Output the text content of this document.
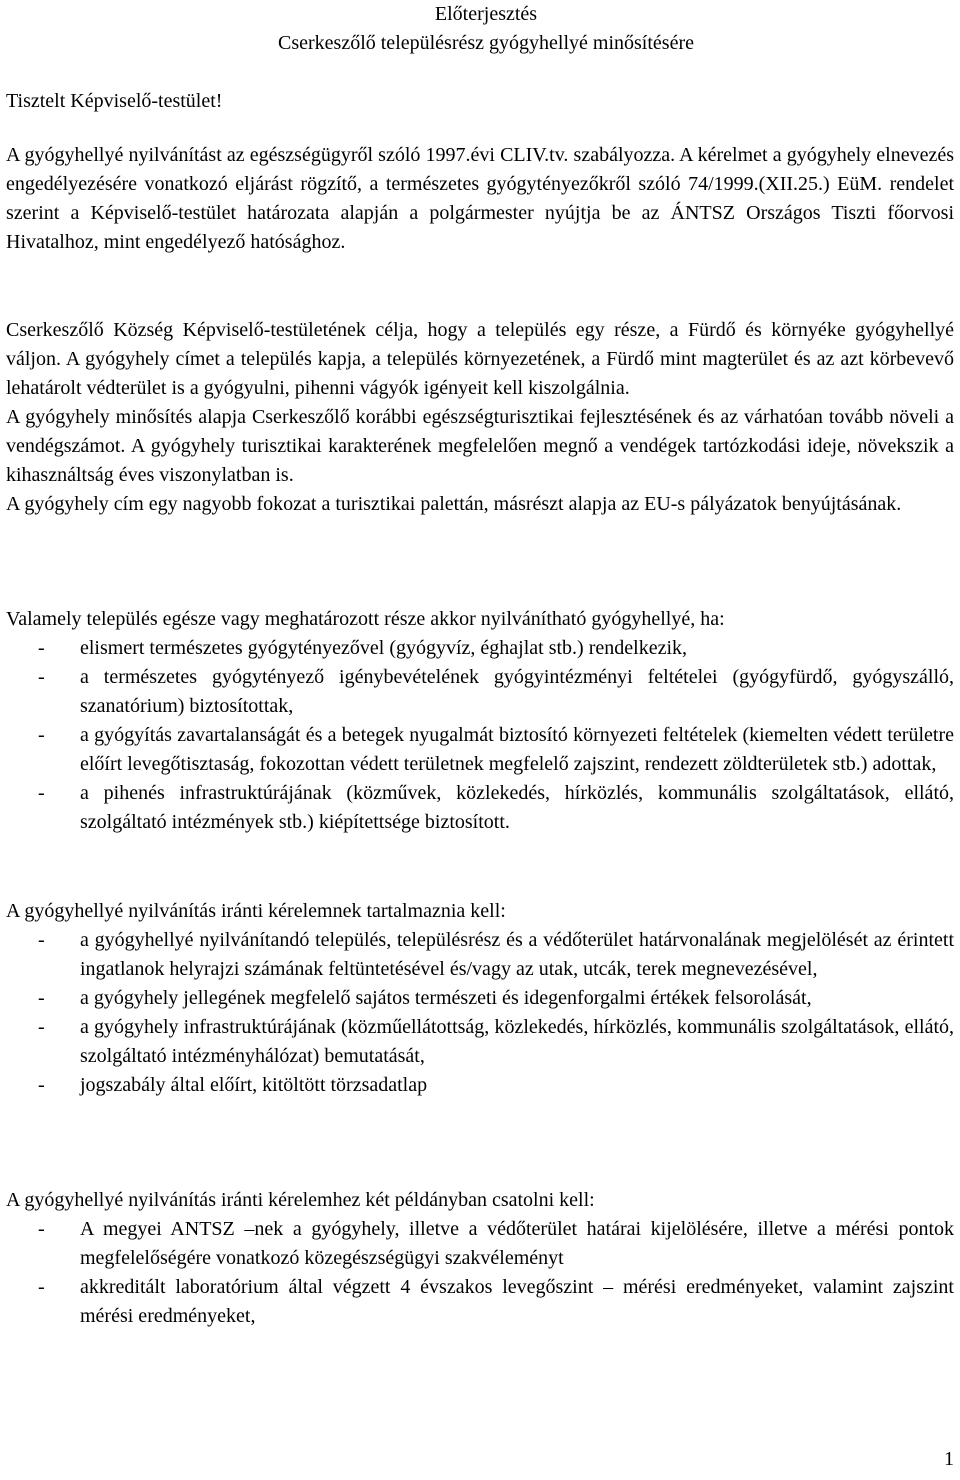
Előterjesztés
Cserkeszőlő településrész gyógyhellyé minősítésére
Tisztelt Képviselő-testület!

A gyógyhellyé nyilvánítást az egészségügyről szóló 1997.évi CLIV.tv. szabályozza. A kérelmet a gyógyhely elnevezés engedélyezésére vonatkozó eljárást rögzítő, a természetes gyógytényezőkről szóló 74/1999.(XII.25.) EüM. rendelet szerint a Képviselő-testület határozata alapján a polgármester nyújtja be az ÁNTSZ Országos Tiszti főorvosi Hivatalhoz, mint engedélyező hatósághoz.

Cserkeszőlő Község Képviselő-testületének célja, hogy a település egy része, a Fürdő és környéke gyógyhellyé váljon. A gyógyhely címet a település kapja, a település környezetének, a Fürdő mint magterület és az azt körbevevő lehatárolt védterület is a gyógyulni, pihenni vágyók igényeit kell kiszolgálnia.

A gyógyhely minősítés alapja Cserkeszőlő korábbi egészségturisztikai fejlesztésének és az várhatóan tovább növeli a vendégszámot. A gyógyhely turisztikai karakterének megfelelően megnő a vendégek tartózkodási ideje, növekszik a kihasználtság éves viszonylatban is.

A gyógyhely cím egy nagyobb fokozat a turisztikai palettán, másrészt alapja az EU-s pályázatok benyújtásának.

Valamely település egésze vagy meghatározott része akkor nyilvánítható gyógyhellyé, ha:

- elismert természetes gyógytényezővel (gyógyvíz, éghajlat stb.) rendelkezik,
- a természetes gyógytényező igénybevételének gyógyintézményi feltételei (gyógyfürdő, gyógyszálló, szanatórium) biztosítottak,
- a gyógyítás zavartalanságát és a betegek nyugalmát biztosító környezeti feltételek (kiemelten védett területre előírt levegőtisztaság, fokozottan védett területnek megfelelő zajszint, rendezett zöldterületek stb.) adottak,
- a pihenés infrastruktúrájának (közművek, közlekedés, hírközlés, kommunális szolgáltatások, ellátó, szolgáltató intézmények stb.) kiépítettsége biztosított.

A gyógyhellyé nyilvánítás iránti kérelemnek tartalmaznia kell:

- a gyógyhellyé nyilvánítandó település, településrész és a védőterület határvonalának megjelölését az érintett ingatlanok helyrajzi számának feltüntetésével és/vagy az utak, utcák, terek megnevezésével,
- a gyógyhely jellegének megfelelő sajátos természeti és idegenforgalmi értékek felsorolását,
- a gyógyhely infrastruktúrájának (közműellátottság, közlekedés, hírközlés, kommunális szolgáltatások, ellátó, szolgáltató intézményhálózat) bemutatását,
- jogszabály által előírt, kitöltött törzsadatlap

A gyógyhellyé nyilvánítás iránti kérelemhez két példányban csatolni kell:

- A megyei ANTSZ –nek a gyógyhely, illetve a védőterület határai kijelölésére, illetve a mérési pontok megfelelőségére vonatkozó közegészségügyi szakvéleményt
- akkreditált laboratórium által végzett 4 évszakos levegőszint – mérési eredményeket, valamint zajszint mérési eredményeket,
1
